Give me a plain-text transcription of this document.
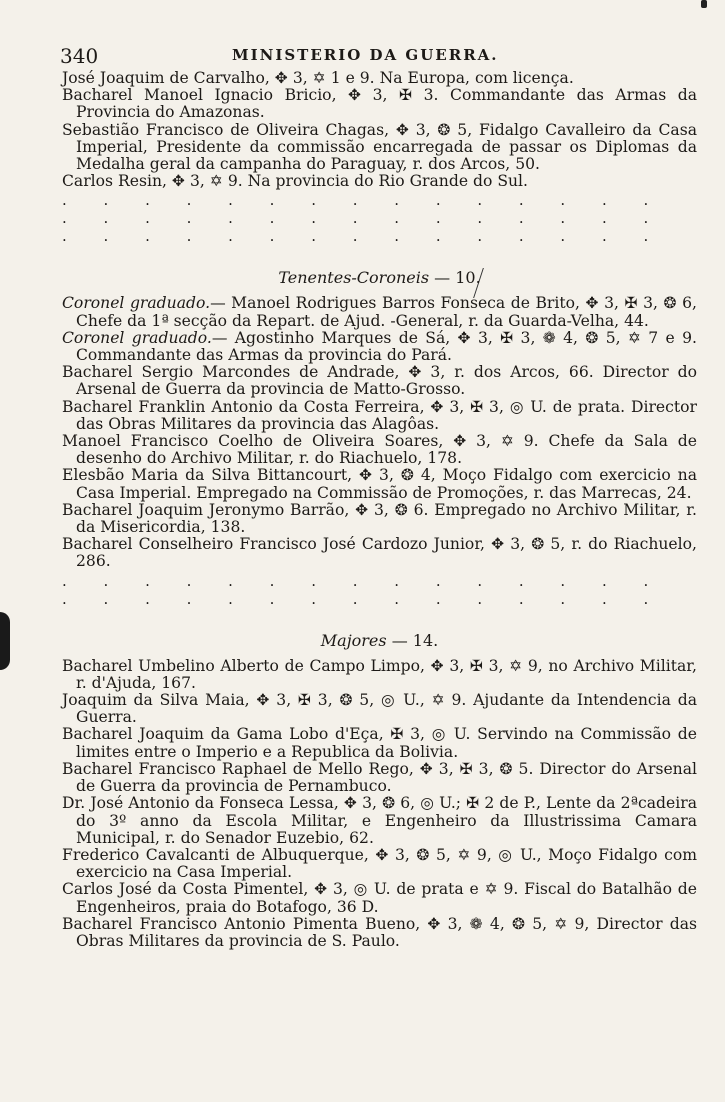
340	MINISTERIO DA GUERRA.

José Joaquim de Carvalho, ✥ 3, ✡ 1 e 9. Na Europa, com licença.

Bacharel Manoel Ignacio Bricio, ✥ 3, ✠ 3. Commandante das Armas da Provincia do Amazonas.

Sebastião Francisco de Oliveira Chagas, ✥ 3, ❂ 5, Fidalgo Cavalleiro da Casa Imperial, Presidente da commissão encarregada de passar os Diplomas da Medalha geral da campanha do Paraguay, r. dos Arcos, 50.

Carlos Resin, ✥ 3, ✡ 9. Na provincia do Rio Grande do Sul.

. . . . . . . . . . . . . . .

. . . . . . . . . . . . . . .

. . . . . . . . . . . . . . .

Tenentes-Coroneis — 10.

Coronel graduado.— Manoel Rodrigues Barros Fonseca de Brito, ✥ 3, ✠ 3, ❂ 6, Chefe da 1ª secção da Repart. de Ajud. -General, r. da Guarda-Velha, 44.

Coronel graduado.— Agostinho Marques de Sá, ✥ 3, ✠ 3, ❁ 4, ❂ 5, ✡ 7 e 9. Commandante das Armas da provincia do Pará.

Bacharel Sergio Marcondes de Andrade, ✥ 3, r. dos Arcos, 66. Director do Arsenal de Guerra da provincia de Matto-Grosso.

Bacharel Franklin Antonio da Costa Ferreira, ✥ 3, ✠ 3, ◎ U. de prata. Director das Obras Militares da provincia das Alagôas.

Manoel Francisco Coelho de Oliveira Soares, ✥ 3, ✡ 9. Chefe da Sala de desenho do Archivo Militar, r. do Riachuelo, 178.

Elesbão Maria da Silva Bittancourt, ✥ 3, ❂ 4, Moço Fidalgo com exercicio na Casa Imperial. Empregado na Commissão de Promoções, r. das Marrecas, 24.

Bacharel Joaquim Jeronymo Barrão, ✥ 3, ❂ 6. Empregado no Archivo Militar, r. da Misericordia, 138.

Bacharel Conselheiro Francisco José Cardozo Junior, ✥ 3, ❂ 5, r. do Riachuelo, 286.

. . . . . . . . . . . . . . .

. . . . . . . . . . . . . . .

Majores — 14.

Bacharel Umbelino Alberto de Campo Limpo, ✥ 3, ✠ 3, ✡ 9, no Archivo Militar, r. d'Ajuda, 167.

Joaquim da Silva Maia, ✥ 3, ✠ 3, ❂ 5, ◎ U., ✡ 9. Ajudante da Intendencia da Guerra.

Bacharel Joaquim da Gama Lobo d'Eça, ✠ 3, ◎ U. Servindo na Commissão de limites entre o Imperio e a Republica da Bolivia.

Bacharel Francisco Raphael de Mello Rego, ✥ 3, ✠ 3, ❂ 5. Director do Arsenal de Guerra da provincia de Pernambuco.

Dr. José Antonio da Fonseca Lessa, ✥ 3, ❂ 6, ◎ U.; ✠ 2 de P., Lente da 2ªcadeira do 3º anno da Escola Militar, e Engenheiro da Illustrissima Camara Municipal, r. do Senador Euzebio, 62.

Frederico Cavalcanti de Albuquerque, ✥ 3, ❂ 5, ✡ 9, ◎ U., Moço Fidalgo com exercicio na Casa Imperial.

Carlos José da Costa Pimentel, ✥ 3, ◎ U. de prata e ✡ 9. Fiscal do Batalhão de Engenheiros, praia do Botafogo, 36 D.

Bacharel Francisco Antonio Pimenta Bueno, ✥ 3, ❁ 4, ❂ 5, ✡ 9, Director das Obras Militares da provincia de S. Paulo.
